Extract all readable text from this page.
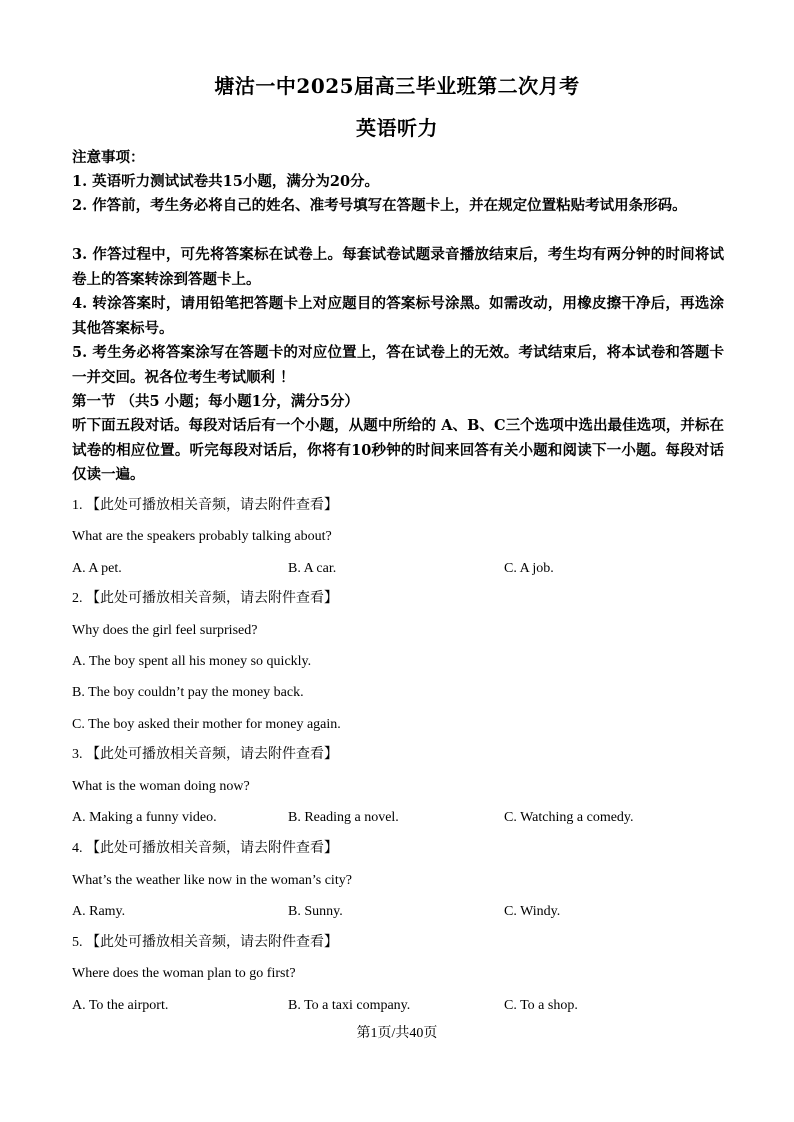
塘沽一中2025届高三毕业班第二次月考
英语听力
注意事项：
1. 英语听力测试试卷共15小题，满分为20分。
2. 作答前，考生务必将自己的姓名、准考号填写在答题卡上，并在规定位置粘贴考试用条形码。
3. 作答过程中，可先将答案标在试卷上。每套试卷试题录音播放结束后，考生均有两分钟的时间将试卷上的答案转涂到答题卡上。
4. 转涂答案时，请用铅笔把答题卡上对应题目的答案标号涂黑。如需改动，用橡皮擦干净后，再选涂其他答案标号。
5. 考生务必将答案涂写在答题卡的对应位置上，答在试卷上的无效。考试结束后，将本试卷和答题卡一并交回。祝各位考生考试顺利 ！
第一节 （共5 小题；每小题1分，满分5分）
听下面五段对话。每段对话后有一个小题，从题中所给的 A、B、C三个选项中选出最佳选项，并标在试卷的相应位置。听完每段对话后，你将有10秒钟的时间来回答有关小题和阅读下一小题。每段对话仅读一遍。
1. 【此处可播放相关音频，请去附件查看】
What are the speakers probably talking about?
A. A pet.	B. A car.	C. A job.
2. 【此处可播放相关音频，请去附件查看】
Why does the girl feel surprised?
A. The boy spent all his money so quickly.
B. The boy couldn’t pay the money back.
C. The boy asked their mother for money again.
3. 【此处可播放相关音频，请去附件查看】
What is the woman doing now?
A. Making a funny video.	B. Reading a novel.	C. Watching a comedy.
4. 【此处可播放相关音频，请去附件查看】
What’s the weather like now in the woman’s city?
A. Ramy.	B. Sunny.	C. Windy.
5. 【此处可播放相关音频，请去附件查看】
Where does the woman plan to go first?
A. To the airport.	B. To a taxi company.	C. To a shop.
第1页/共40页
